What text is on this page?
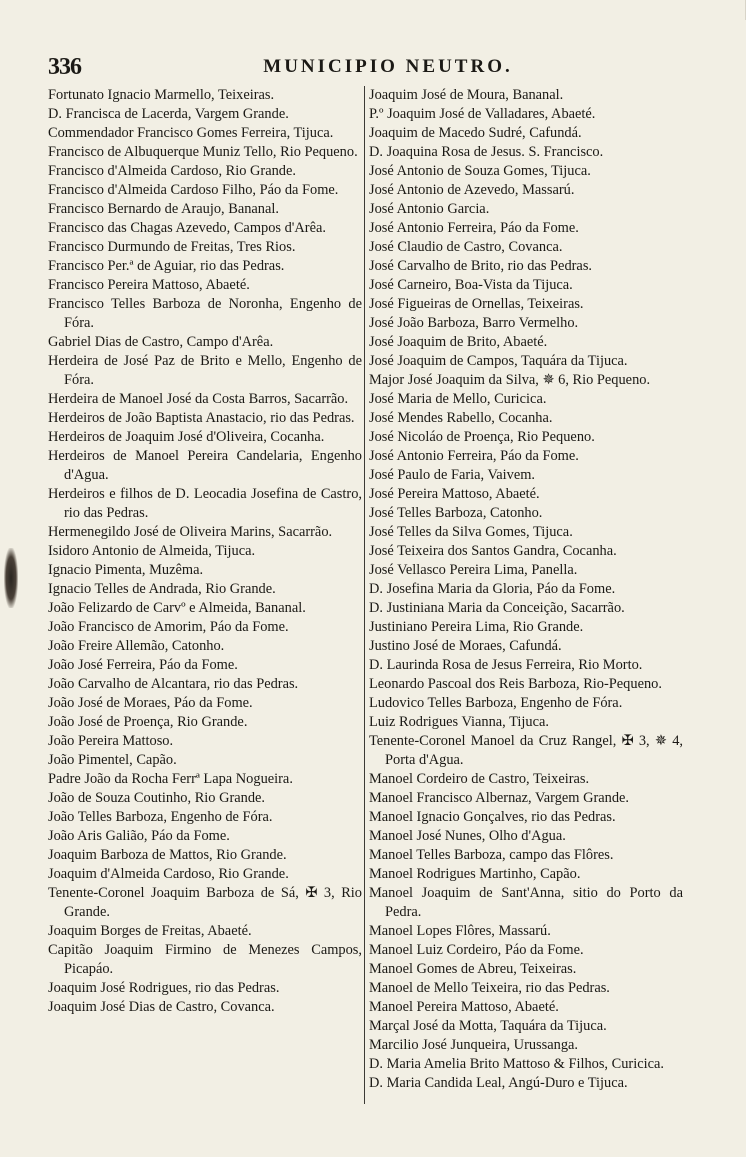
336	MUNICIPIO NEUTRO.

Fortunato Ignacio Marmello, Teixeiras.

D. Francisca de Lacerda, Vargem Grande.

Commendador Francisco Gomes Ferreira, Tijuca.

Francisco de Albuquerque Muniz Tello, Rio Pequeno.

Francisco d'Almeida Cardoso, Rio Grande.

Francisco d'Almeida Cardoso Filho, Páo da Fome.

Francisco Bernardo de Araujo, Bananal.

Francisco das Chagas Azevedo, Campos d'Arêa.

Francisco Durmundo de Freitas, Tres Rios.

Francisco Per.ª de Aguiar, rio das Pedras.

Francisco Pereira Mattoso, Abaeté.

Francisco Telles Barboza de Noronha, Engenho de Fóra.

Gabriel Dias de Castro, Campo d'Arêa.

Herdeira de José Paz de Brito e Mello, Engenho de Fóra.

Herdeira de Manoel José da Costa Barros, Sacarrão.

Herdeiros de João Baptista Anastacio, rio das Pedras.

Herdeiros de Joaquim José d'Oliveira, Cocanha.

Herdeiros de Manoel Pereira Candelaria, Engenho d'Agua.

Herdeiros e filhos de D. Leocadia Josefina de Castro, rio das Pedras.

Hermenegildo José de Oliveira Marins, Sacarrão.

Isidoro Antonio de Almeida, Tijuca.

Ignacio Pimenta, Muzêma.

Ignacio Telles de Andrada, Rio Grande.

João Felizardo de Carvº e Almeida, Bananal.

João Francisco de Amorim, Páo da Fome.

João Freire Allemão, Catonho.

João José Ferreira, Páo da Fome.

João Carvalho de Alcantara, rio das Pedras.

João José de Moraes, Páo da Fome.

João José de Proença, Rio Grande.

João Pereira Mattoso.

João Pimentel, Capão.

Padre João da Rocha Ferrª Lapa Nogueira.

João de Souza Coutinho, Rio Grande.

João Telles Barboza, Engenho de Fóra.

João Aris Galião, Páo da Fome.

Joaquim Barboza de Mattos, Rio Grande.

Joaquim d'Almeida Cardoso, Rio Grande.

Tenente-Coronel Joaquim Barboza de Sá, ✠ 3, Rio Grande.

Joaquim Borges de Freitas, Abaeté.

Capitão Joaquim Firmino de Menezes Campos, Picapáo.

Joaquim José Rodrigues, rio das Pedras.

Joaquim José Dias de Castro, Covanca.

Joaquim José de Moura, Bananal.

P.º Joaquim José de Valladares, Abaeté.

Joaquim de Macedo Sudré, Cafundá.

D. Joaquina Rosa de Jesus. S. Francisco.

José Antonio de Souza Gomes, Tijuca.

José Antonio de Azevedo, Massarú.

José Antonio Garcia.

José Antonio Ferreira, Páo da Fome.

José Claudio de Castro, Covanca.

José Carvalho de Brito, rio das Pedras.

José Carneiro, Boa-Vista da Tijuca.

José Figueiras de Ornellas, Teixeiras.

José João Barboza, Barro Vermelho.

José Joaquim de Brito, Abaeté.

José Joaquim de Campos, Taquára da Tijuca.

Major José Joaquim da Silva, ✵ 6, Rio Pequeno.

José Maria de Mello, Curicica.

José Mendes Rabello, Cocanha.

José Nicoláo de Proença, Rio Pequeno.

José Antonio Ferreira, Páo da Fome.

José Paulo de Faria, Vaivem.

José Pereira Mattoso, Abaeté.

José Telles Barboza, Catonho.

José Telles da Silva Gomes, Tijuca.

José Teixeira dos Santos Gandra, Cocanha.

José Vellasco Pereira Lima, Panella.

D. Josefina Maria da Gloria, Páo da Fome.

D. Justiniana Maria da Conceição, Sacarrão.

Justiniano Pereira Lima, Rio Grande.

Justino José de Moraes, Cafundá.

D. Laurinda Rosa de Jesus Ferreira, Rio Morto.

Leonardo Pascoal dos Reis Barboza, Rio-Pequeno.

Ludovico Telles Barboza, Engenho de Fóra.

Luiz Rodrigues Vianna, Tijuca.

Tenente-Coronel Manoel da Cruz Rangel, ✠ 3, ✵ 4, Porta d'Agua.

Manoel Cordeiro de Castro, Teixeiras.

Manoel Francisco Albernaz, Vargem Grande.

Manoel Ignacio Gonçalves, rio das Pedras.

Manoel José Nunes, Olho d'Agua.

Manoel Telles Barboza, campo das Flôres.

Manoel Rodrigues Martinho, Capão.

Manoel Joaquim de Sant'Anna, sitio do Porto da Pedra.

Manoel Lopes Flôres, Massarú.

Manoel Luiz Cordeiro, Páo da Fome.

Manoel Gomes de Abreu, Teixeiras.

Manoel de Mello Teixeira, rio das Pedras.

Manoel Pereira Mattoso, Abaeté.

Marçal José da Motta, Taquára da Tijuca.

Marcilio José Junqueira, Urussanga.

D. Maria Amelia Brito Mattoso & Filhos, Curicica.

D. Maria Candida Leal, Angú-Duro e Tijuca.
